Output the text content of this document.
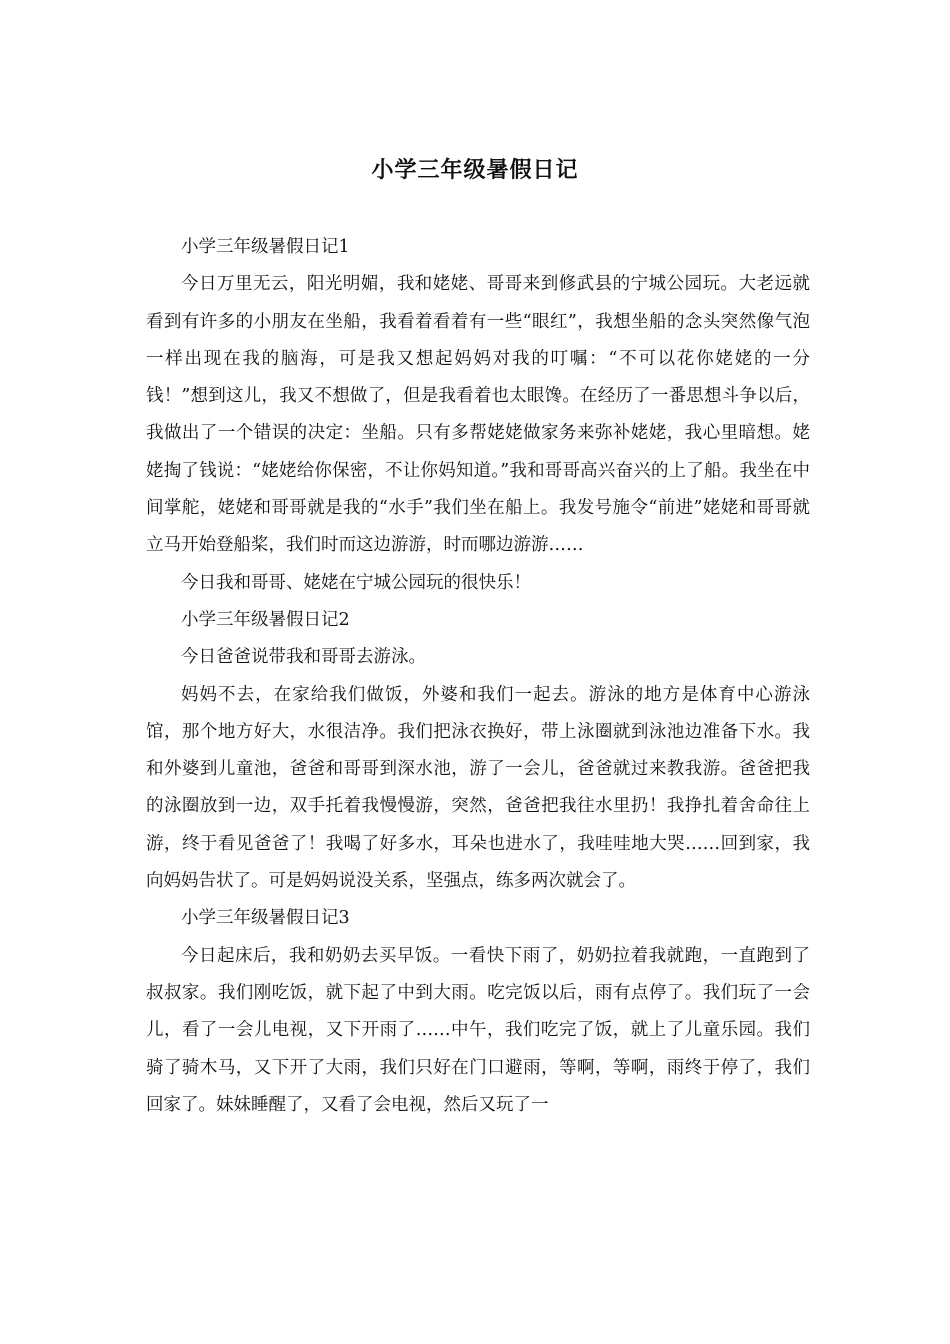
小学三年级暑假日记

小学三年级暑假日记1

今日万里无云，阳光明媚，我和姥姥、哥哥来到修武县的宁城公园玩。大老远就看到有许多的小朋友在坐船，我看着看着有一些“眼红”，我想坐船的念头突然像气泡一样出现在我的脑海，可是我又想起妈妈对我的叮嘱：“不可以花你姥姥的一分钱！”想到这儿，我又不想做了，但是我看着也太眼馋。在经历了一番思想斗争以后，我做出了一个错误的决定：坐船。只有多帮姥姥做家务来弥补姥姥，我心里暗想。姥姥掏了钱说：“姥姥给你保密，不让你妈知道。”我和哥哥高兴奋兴的上了船。我坐在中间掌舵，姥姥和哥哥就是我的“水手”我们坐在船上。我发号施令“前进”姥姥和哥哥就立马开始登船桨，我们时而这边游游，时而哪边游游……

今日我和哥哥、姥姥在宁城公园玩的很快乐！

小学三年级暑假日记2

今日爸爸说带我和哥哥去游泳。

妈妈不去，在家给我们做饭，外婆和我们一起去。游泳的地方是体育中心游泳馆，那个地方好大，水很洁净。我们把泳衣换好，带上泳圈就到泳池边准备下水。我和外婆到儿童池，爸爸和哥哥到深水池，游了一会儿，爸爸就过来教我游。爸爸把我的泳圈放到一边，双手托着我慢慢游，突然，爸爸把我往水里扔！我挣扎着舍命往上游，终于看见爸爸了！我喝了好多水，耳朵也进水了，我哇哇地大哭……回到家，我向妈妈告状了。可是妈妈说没关系，坚强点，练多两次就会了。

小学三年级暑假日记3

今日起床后，我和奶奶去买早饭。一看快下雨了，奶奶拉着我就跑，一直跑到了叔叔家。我们刚吃饭，就下起了中到大雨。吃完饭以后，雨有点停了。我们玩了一会儿，看了一会儿电视，又下开雨了……中午，我们吃完了饭，就上了儿童乐园。我们骑了骑木马，又下开了大雨，我们只好在门口避雨，等啊，等啊，雨终于停了，我们回家了。妹妹睡醒了，又看了会电视，然后又玩了一
